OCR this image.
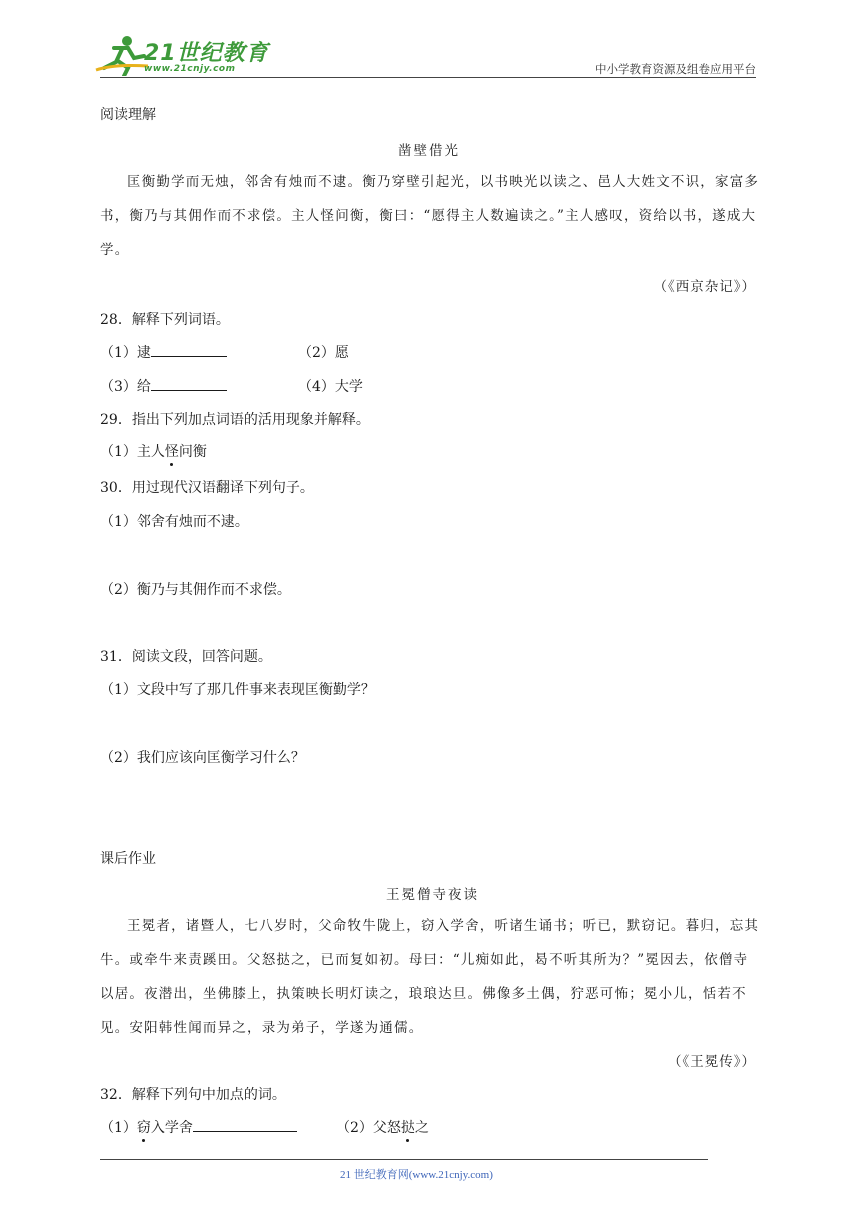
21世纪教育
www.21cnjy.com	中小学教育资源及组卷应用平台
阅读理解
凿壁借光
匡衡勤学而无烛，邻舍有烛而不逮。衡乃穿壁引起光，以书映光以读之、邑人大姓文不识，家富多书，衡乃与其佣作而不求偿。主人怪问衡，衡曰：“愿得主人数遍读之。”主人感叹，资给以书，遂成大学。
（《西京杂记》）
28．解释下列词语。
（1）逮	（2）愿
（3）给	（4）大学
29．指出下列加点词语的活用现象并解释。
（1）主人怪问衡
30．用过现代汉语翻译下列句子。
（1）邻舍有烛而不逮。
（2）衡乃与其佣作而不求偿。
31．阅读文段，回答问题。
（1）文段中写了那几件事来表现匡衡勤学？
（2）我们应该向匡衡学习什么？
课后作业
王冕僧寺夜读
王冕者，诸暨人，七八岁时，父命牧牛陇上，窃入学舍，听诸生诵书；听已，默窃记。暮归，忘其牛。或牵牛来责蹊田。父怒挞之，已而复如初。母曰：“儿痴如此，曷不听其所为？”冕因去，依僧寺以居。夜潜出，坐佛膝上，执策映长明灯读之，琅琅达旦。佛像多土偶，狞恶可怖；冕小儿，恬若不见。安阳韩性闻而异之，录为弟子，学遂为通儒。
（《王冕传》）
32．解释下列句中加点的词。
（1）窃入学舍	（2）父怒挞之
21 世纪教育网(www.21cnjy.com)
